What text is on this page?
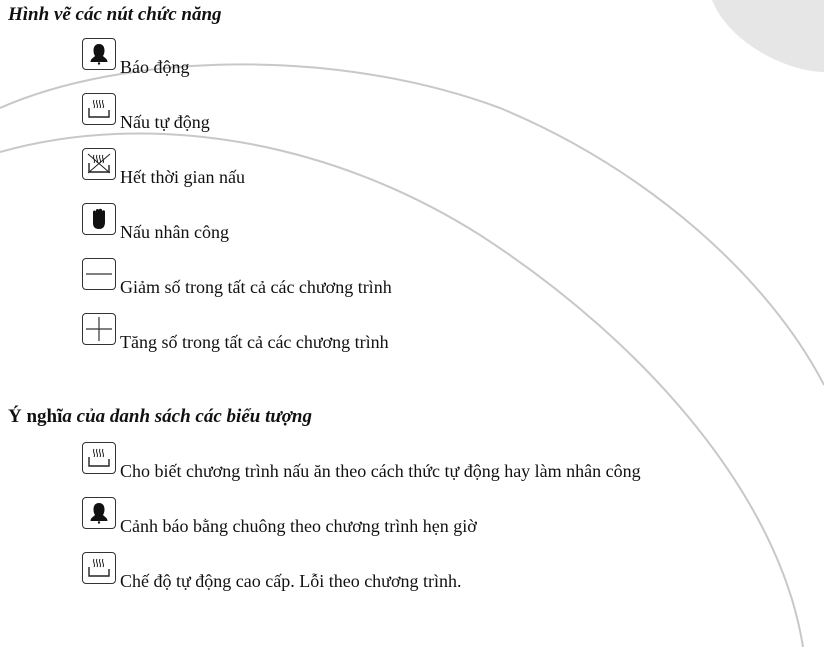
Hình vẽ các nút chức năng
Báo động
Nấu tự động
Hết thời gian nấu
Nấu nhân công
Giảm số trong tất cả các chương trình
Tăng số trong tất cả các chương trình
Ý nghĩa của danh sách các biểu tượng
Cho biết chương trình nấu ăn theo cách thức tự động hay làm nhân công
Cảnh báo bằng chuông theo chương trình hẹn giờ
Chế độ tự động cao cấp. Lỗi theo chương trình.
